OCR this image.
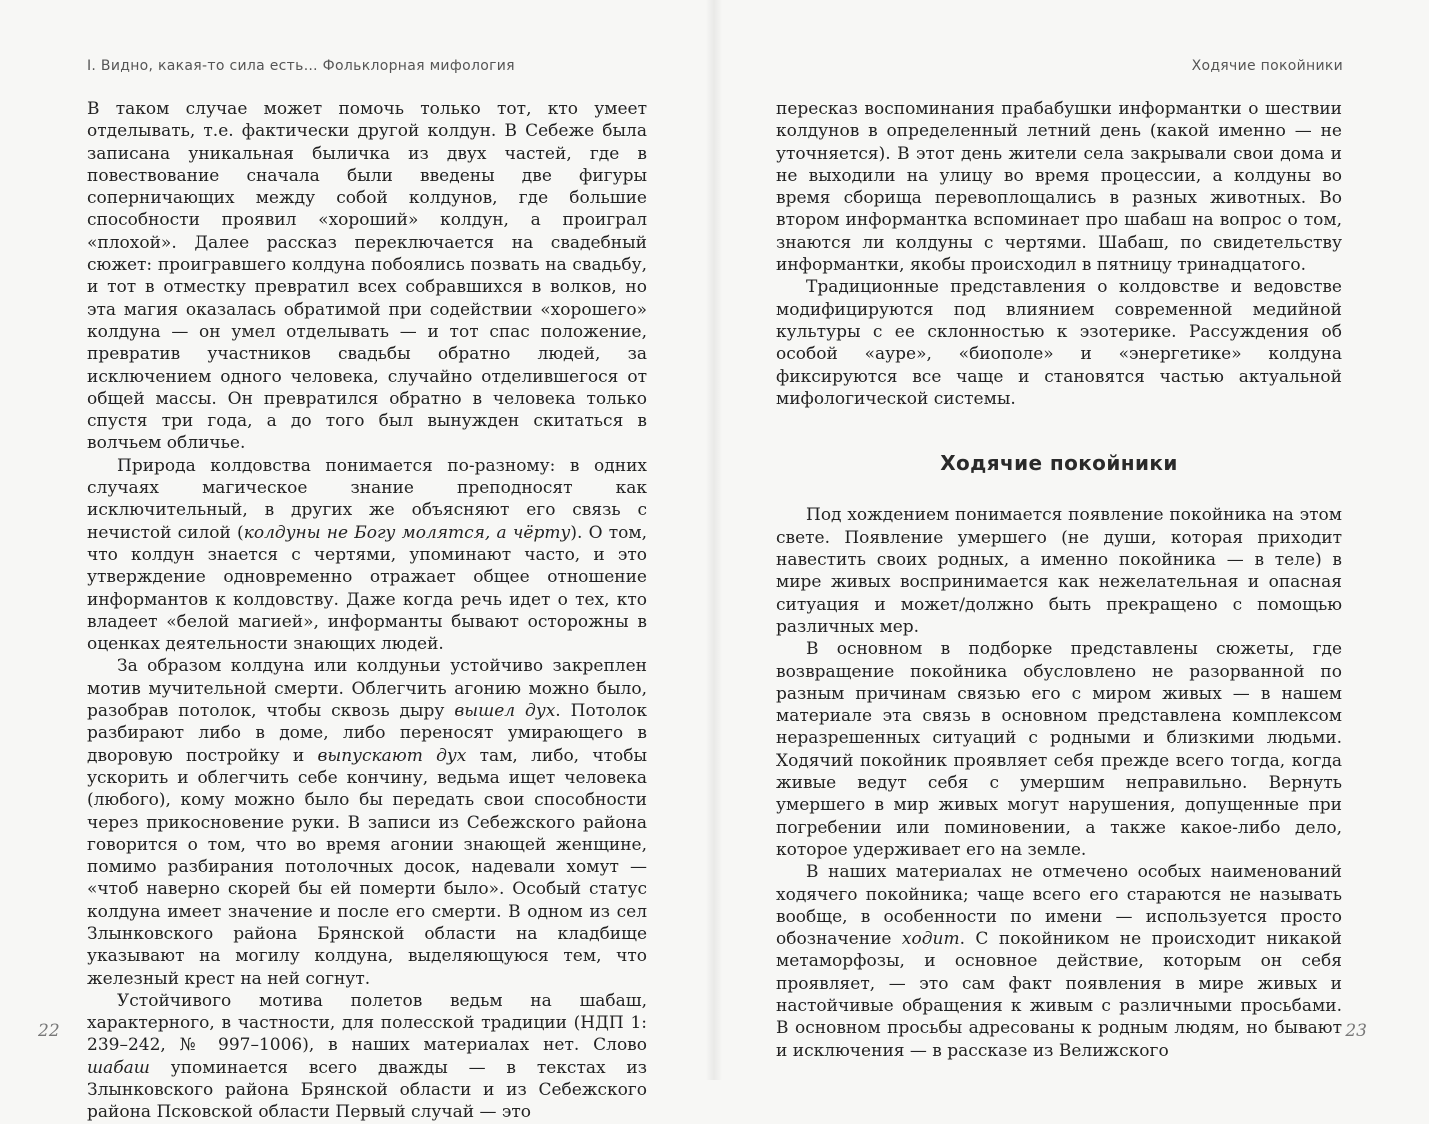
I. Видно, какая-то сила есть… Фольклорная мифология

В таком случае может помочь только тот, кто умеет отделывать, т.е. фактически другой колдун. В Себеже была записана уникальная быличка из двух частей, где в повествование сначала были введены две фигуры соперничающих между собой колдунов, где большие способности проявил «хороший» колдун, а проиграл «плохой». Далее рассказ переключается на свадебный сюжет: проигравшего колдуна побоялись позвать на свадьбу, и тот в отместку превратил всех собравшихся в волков, но эта магия оказалась обратимой при содействии «хорошего» колдуна — он умел отделывать — и тот спас положение, превратив участников свадьбы обратно людей, за исключением одного человека, случайно отделившегося от общей массы. Он превратился обратно в человека только спустя три года, а до того был вынужден скитаться в волчьем обличье.

Природа колдовства понимается по-разному: в одних случаях магическое знание преподносят как исключительный, в других же объясняют его связь с нечистой силой (колдуны не Богу молятся, а чёрту). О том, что колдун знается с чертями, упоминают часто, и это утверждение одновременно отражает общее отношение информантов к колдовству. Даже когда речь идет о тех, кто владеет «белой магией», информанты бывают осторожны в оценках деятельности знающих людей.

За образом колдуна или колдуньи устойчиво закреплен мотив мучительной смерти. Облегчить агонию можно было, разобрав потолок, чтобы сквозь дыру вышел дух. Потолок разбирают либо в доме, либо переносят умирающего в дворовую постройку и выпускают дух там, либо, чтобы ускорить и облегчить себе кончину, ведьма ищет человека (любого), кому можно было бы передать свои способности через прикосновение руки. В записи из Себежского района говорится о том, что во время агонии знающей женщине, помимо разбирания потолочных досок, надевали хомут — «чтоб наверно скорей бы ей померти было». Особый статус колдуна имеет значение и после его смерти. В одном из сел Злынковского района Брянской области на кладбище указывают на могилу колдуна, выделяющуюся тем, что железный крест на ней согнут.

Устойчивого мотива полетов ведьм на шабаш, характерного, в частности, для полесской традиции (НДП 1: 239–242, № 997–1006), в наших материалах нет. Слово шабаш упоминается всего дважды — в текстах из Злынковского района Брянской области и из Себежского района Псковской области Первый случай — это

22
Ходячие покойники

пересказ воспоминания прабабушки информантки о шествии колдунов в определенный летний день (какой именно — не уточняется). В этот день жители села закрывали свои дома и не выходили на улицу во время процессии, а колдуны во время сборища перевоплощались в разных животных. Во втором информантка вспоминает про шабаш на вопрос о том, знаются ли колдуны с чертями. Шабаш, по свидетельству информантки, якобы происходил в пятницу тринадцатого.

Традиционные представления о колдовстве и ведовстве модифицируются под влиянием современной медийной культуры с ее склонностью к эзотерике. Рассуждения об особой «ауре», «биополе» и «энергетике» колдуна фиксируются все чаще и становятся частью актуальной мифологической системы.

Ходячие покойники

Под хождением понимается появление покойника на этом свете. Появление умершего (не души, которая приходит навестить своих родных, а именно покойника — в теле) в мире живых воспринимается как нежелательная и опасная ситуация и может/должно быть прекращено с помощью различных мер.

В основном в подборке представлены сюжеты, где возвращение покойника обусловлено не разорванной по разным причинам связью его с миром живых — в нашем материале эта связь в основном представлена комплексом неразрешенных ситуаций с родными и близкими людьми. Ходячий покойник проявляет себя прежде всего тогда, когда живые ведут себя с умершим неправильно. Вернуть умершего в мир живых могут нарушения, допущенные при погребении или поминовении, а также какое-либо дело, которое удерживает его на земле.

В наших материалах не отмечено особых наименований ходячего покойника; чаще всего его стараются не называть вообще, в особенности по имени — используется просто обозначение ходит. С покойником не происходит никакой метаморфозы, и основное действие, которым он себя проявляет, — это сам факт появления в мире живых и настойчивые обращения к живым с различными просьбами. В основном просьбы адресованы к родным людям, но бывают и исключения — в рассказе из Велижского

23
